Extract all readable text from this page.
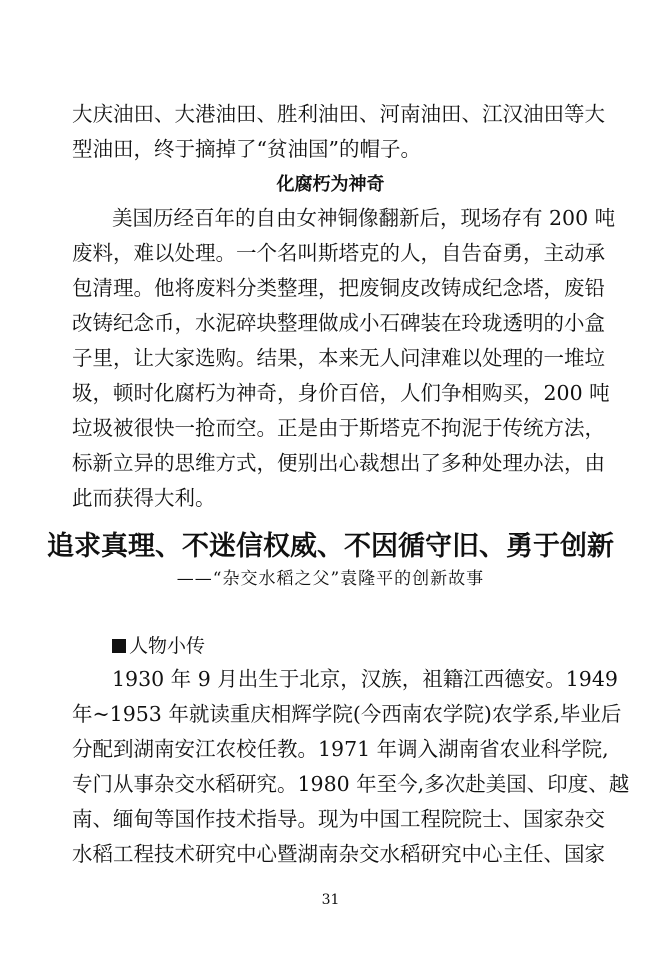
大庆油田、大港油田、胜利油田、河南油田、江汉油田等大
型油田，终于摘掉了“贫油国”的帽子。
化腐朽为神奇
美国历经百年的自由女神铜像翻新后，现场存有 200 吨
废料，难以处理。一个名叫斯塔克的人，自告奋勇，主动承
包清理。他将废料分类整理，把废铜皮改铸成纪念塔，废铅
改铸纪念币，水泥碎块整理做成小石碑装在玲珑透明的小盒
子里，让大家选购。结果，本来无人问津难以处理的一堆垃
圾，顿时化腐朽为神奇，身价百倍，人们争相购买，200 吨
垃圾被很快一抢而空。正是由于斯塔克不拘泥于传统方法，
标新立异的思维方式，便别出心裁想出了多种处理办法，由
此而获得大利。
追求真理、不迷信权威、不因循守旧、勇于创新
——“杂交水稻之父”袁隆平的创新故事
人物小传
1930 年 9 月出生于北京，汉族，祖籍江西德安。1949
年~1953 年就读重庆相辉学院(今西南农学院)农学系,毕业后
分配到湖南安江农校任教。1971 年调入湖南省农业科学院,
专门从事杂交水稻研究。1980 年至今,多次赴美国、印度、越
南、缅甸等国作技术指导。现为中国工程院院士、国家杂交
水稻工程技术研究中心暨湖南杂交水稻研究中心主任、国家
31
